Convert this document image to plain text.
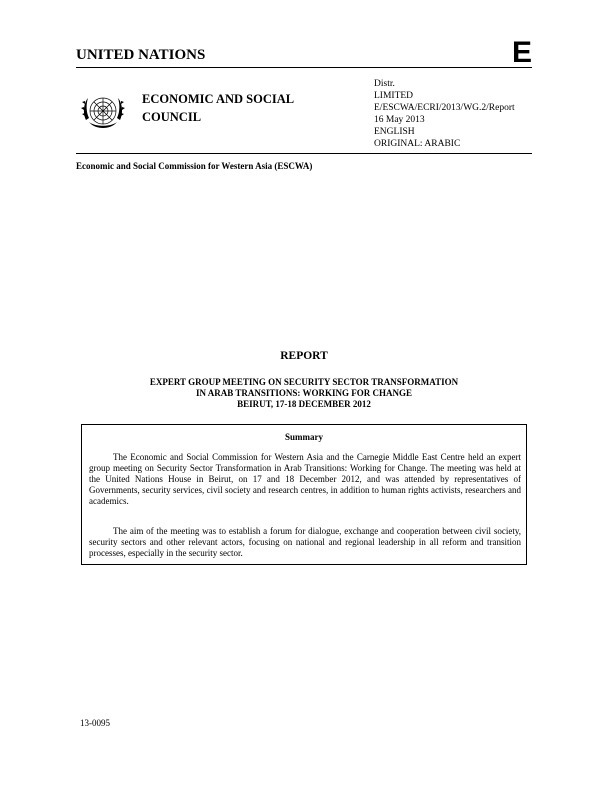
UNITED NATIONS	E
ECONOMIC AND SOCIAL
COUNCIL
Distr.
LIMITED
E/ESCWA/ECRI/2013/WG.2/Report
16 May 2013
ENGLISH
ORIGINAL: ARABIC
Economic and Social Commission for Western Asia (ESCWA)
REPORT
EXPERT GROUP MEETING ON SECURITY SECTOR TRANSFORMATION
IN ARAB TRANSITIONS: WORKING FOR CHANGE
BEIRUT, 17-18 DECEMBER 2012
Summary
The Economic and Social Commission for Western Asia and the Carnegie Middle East Centre held an expert group meeting on Security Sector Transformation in Arab Transitions: Working for Change. The meeting was held at the United Nations House in Beirut, on 17 and 18 December 2012, and was attended by representatives of Governments, security services, civil society and research centres, in addition to human rights activists, researchers and academics.
The aim of the meeting was to establish a forum for dialogue, exchange and cooperation between civil society, security sectors and other relevant actors, focusing on national and regional leadership in all reform and transition processes, especially in the security sector.
13-0095
